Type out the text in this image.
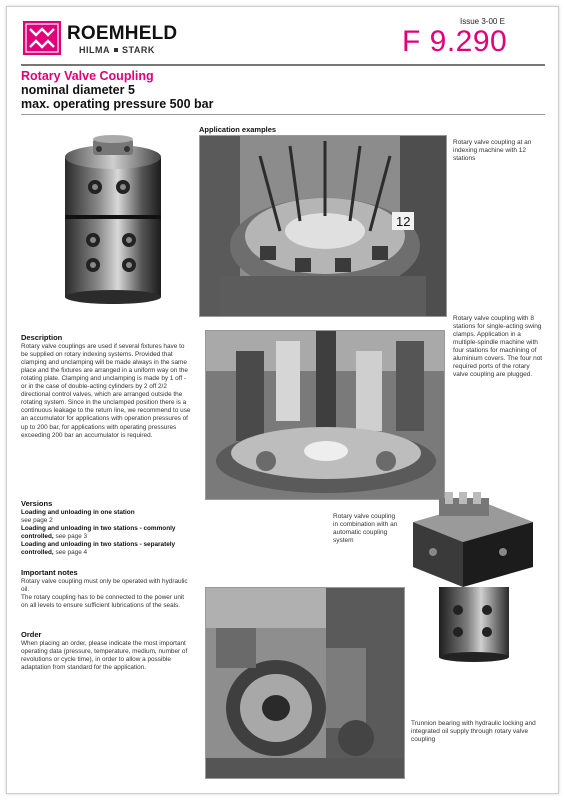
ROEMHELD
HILMA STARK
Issue 3-00 E
F 9.290
Rotary Valve Coupling
nominal diameter 5
max. operating pressure 500 bar
Description
Rotary valve couplings are used if several fixtures have to be supplied on rotary indexing systems. Provided that clamping and unclamping will be made always in the same place and the fixtures are arranged in a uniform way on the rotating plate. Clamping and unclamping is made by 1 off - or in the case of double-acting cylinders by 2 off 2/2 directional control valves, which are arranged outside the rotating system. Since in the unclamped position there is a continuous leakage to the return line, we recommend to use an accumulator for applications with operation pressures of up to 200 bar, for applications with operating pressures exceeding 200 bar an accumulator is required.
Versions
Loading and unloading in one station
see page 2
Loading and unloading in two stations - commonly controlled, see page 3
Loading and unloading in two stations - separately controlled, see page 4
Important notes
Rotary valve coupling must only be operated with hydraulic oil.
The rotary coupling has to be connected to the power unit on all levels to ensure sufficient lubrications of the seals.
Order
When placing an order, please indicate the most important operating data (pressure, temperature, medium, number of revolutions or cycle time), in order to allow a possible adaptation from standard for the application.
Application examples
12
Rotary valve coupling at an indexing machine with 12 stations
Rotary valve coupling with 8 stations for single-acting swing clamps. Application in a multiple-spindle machine with four stations for machining of aluminium covers. The four not required ports of the rotary valve coupling are plugged.
Rotary valve coupling in combination with an automatic coupling system
Trunnion bearing with hydraulic locking and integrated oil supply through rotary valve coupling
